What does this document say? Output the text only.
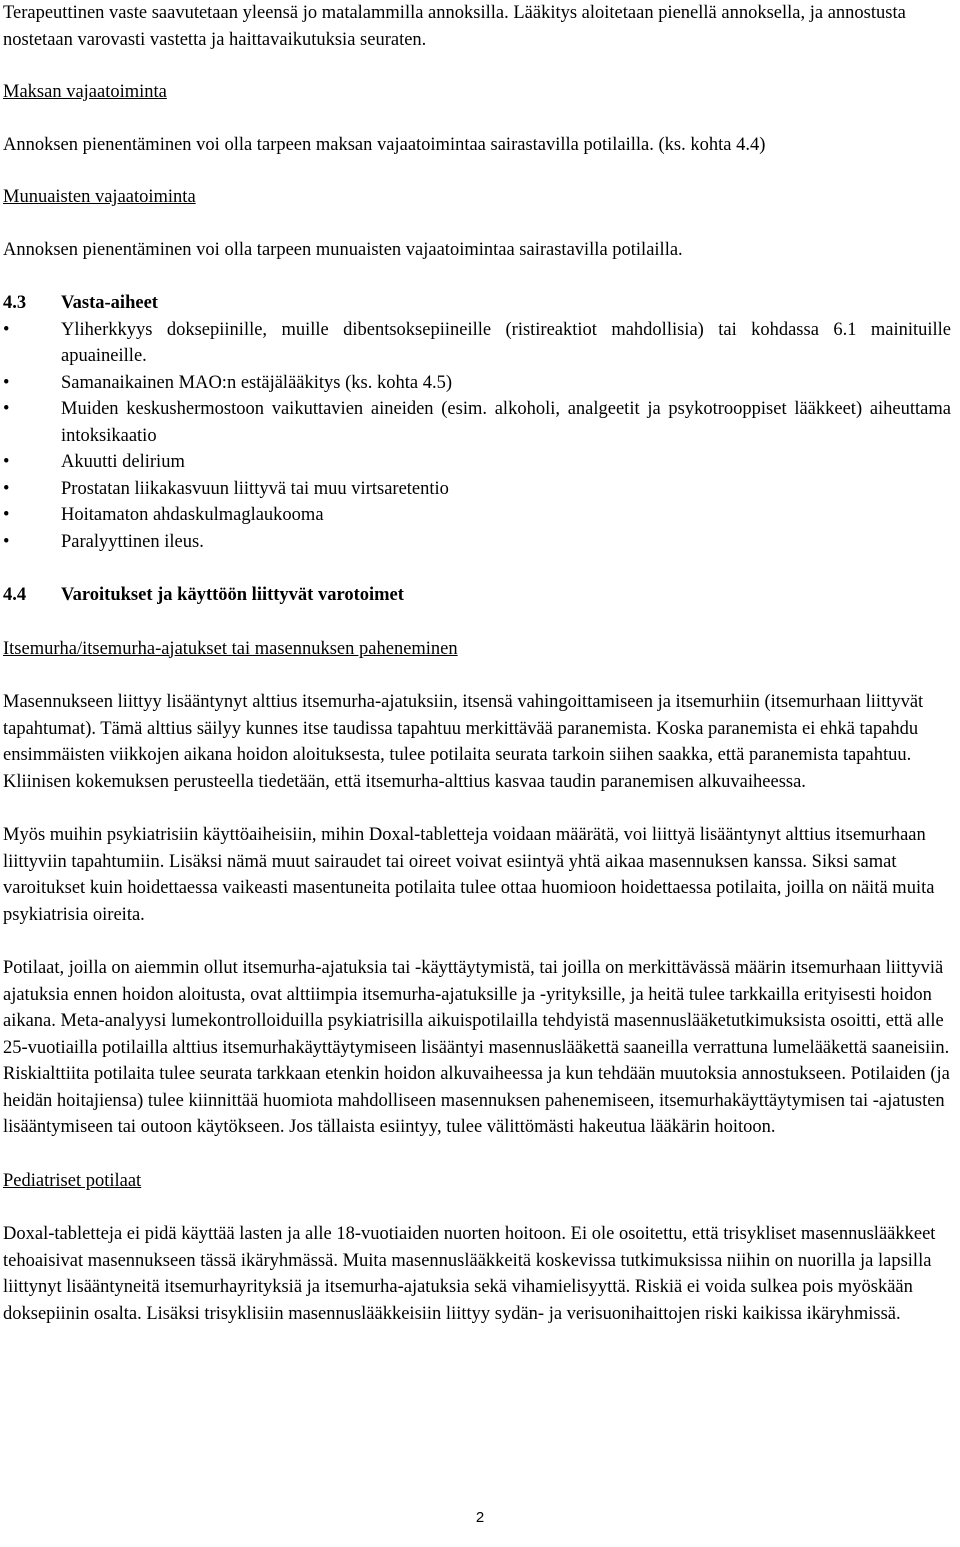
Terapeuttinen vaste saavutetaan yleensä jo matalammilla annoksilla. Lääkitys aloitetaan pienellä annoksella, ja annostusta nostetaan varovasti vastetta ja haittavaikutuksia seuraten.

Maksan vajaatoiminta

Annoksen pienentäminen voi olla tarpeen maksan vajaatoimintaa sairastavilla potilailla. (ks. kohta 4.4)

Munuaisten vajaatoiminta

Annoksen pienentäminen voi olla tarpeen munuaisten vajaatoimintaa sairastavilla potilailla.

4.3	Vasta-aiheet
•	Yliherkkyys doksepiinille, muille dibentsoksepiineille (ristireaktiot mahdollisia) tai kohdassa 6.1 mainituille apuaineille.
•	Samanaikainen MAO:n estäjälääkitys (ks. kohta 4.5)
•	Muiden keskushermostoon vaikuttavien aineiden (esim. alkoholi, analgeetit ja psykotrooppiset lääkkeet) aiheuttama intoksikaatio
•	Akuutti delirium
•	Prostatan liikakasvuun liittyvä tai muu virtsaretentio
•	Hoitamaton ahdaskulmaglaukooma
•	Paralyyttinen ileus.
4.4	Varoitukset ja käyttöön liittyvät varotoimet

Itsemurha/itsemurha-ajatukset tai masennuksen paheneminen

Masennukseen liittyy lisääntynyt alttius itsemurha-ajatuksiin, itsensä vahingoittamiseen ja itsemurhiin (itsemurhaan liittyvät tapahtumat). Tämä alttius säilyy kunnes itse taudissa tapahtuu merkittävää paranemista. Koska paranemista ei ehkä tapahdu ensimmäisten viikkojen aikana hoidon aloituksesta, tulee potilaita seurata tarkoin siihen saakka, että paranemista tapahtuu. Kliinisen kokemuksen perusteella tiedetään, että itsemurha-alttius kasvaa taudin paranemisen alkuvaiheessa.

Myös muihin psykiatrisiin käyttöaiheisiin, mihin Doxal-tabletteja voidaan määrätä, voi liittyä lisääntynyt alttius itsemurhaan liittyviin tapahtumiin. Lisäksi nämä muut sairaudet tai oireet voivat esiintyä yhtä aikaa masennuksen kanssa. Siksi samat varoitukset kuin hoidettaessa vaikeasti masentuneita potilaita tulee ottaa huomioon hoidettaessa potilaita, joilla on näitä muita psykiatrisia oireita.

Potilaat, joilla on aiemmin ollut itsemurha-ajatuksia tai -käyttäytymistä, tai joilla on merkittävässä määrin itsemurhaan liittyviä ajatuksia ennen hoidon aloitusta, ovat alttiimpia itsemurha-ajatuksille ja -yrityksille, ja heitä tulee tarkkailla erityisesti hoidon aikana. Meta-analyysi lumekontrolloiduilla psykiatrisilla aikuispotilailla tehdyistä masennuslääketutkimuksista osoitti, että alle 25-vuotiailla potilailla alttius itsemurhakäyttäytymiseen lisääntyi masennuslääkettä saaneilla verrattuna lumelääkettä saaneisiin. Riskialttiita potilaita tulee seurata tarkkaan etenkin hoidon alkuvaiheessa ja kun tehdään muutoksia annostukseen. Potilaiden (ja heidän hoitajiensa) tulee kiinnittää huomiota mahdolliseen masennuksen pahenemiseen, itsemurhakäyttäytymisen tai -ajatusten lisääntymiseen tai outoon käytökseen. Jos tällaista esiintyy, tulee välittömästi hakeutua lääkärin hoitoon.

Pediatriset potilaat

Doxal-tabletteja ei pidä käyttää lasten ja alle 18-vuotiaiden nuorten hoitoon. Ei ole osoitettu, että trisykliset masennuslääkkeet tehoaisivat masennukseen tässä ikäryhmässä. Muita masennuslääkkeitä koskevissa tutkimuksissa niihin on nuorilla ja lapsilla liittynyt lisääntyneitä itsemurhayrityksiä ja itsemurha-ajatuksia sekä vihamielisyyttä. Riskiä ei voida sulkea pois myöskään doksepiinin osalta. Lisäksi trisyklisiin masennuslääkkeisiin liittyy sydän- ja verisuonihaittojen riski kaikissa ikäryhmissä.

2
